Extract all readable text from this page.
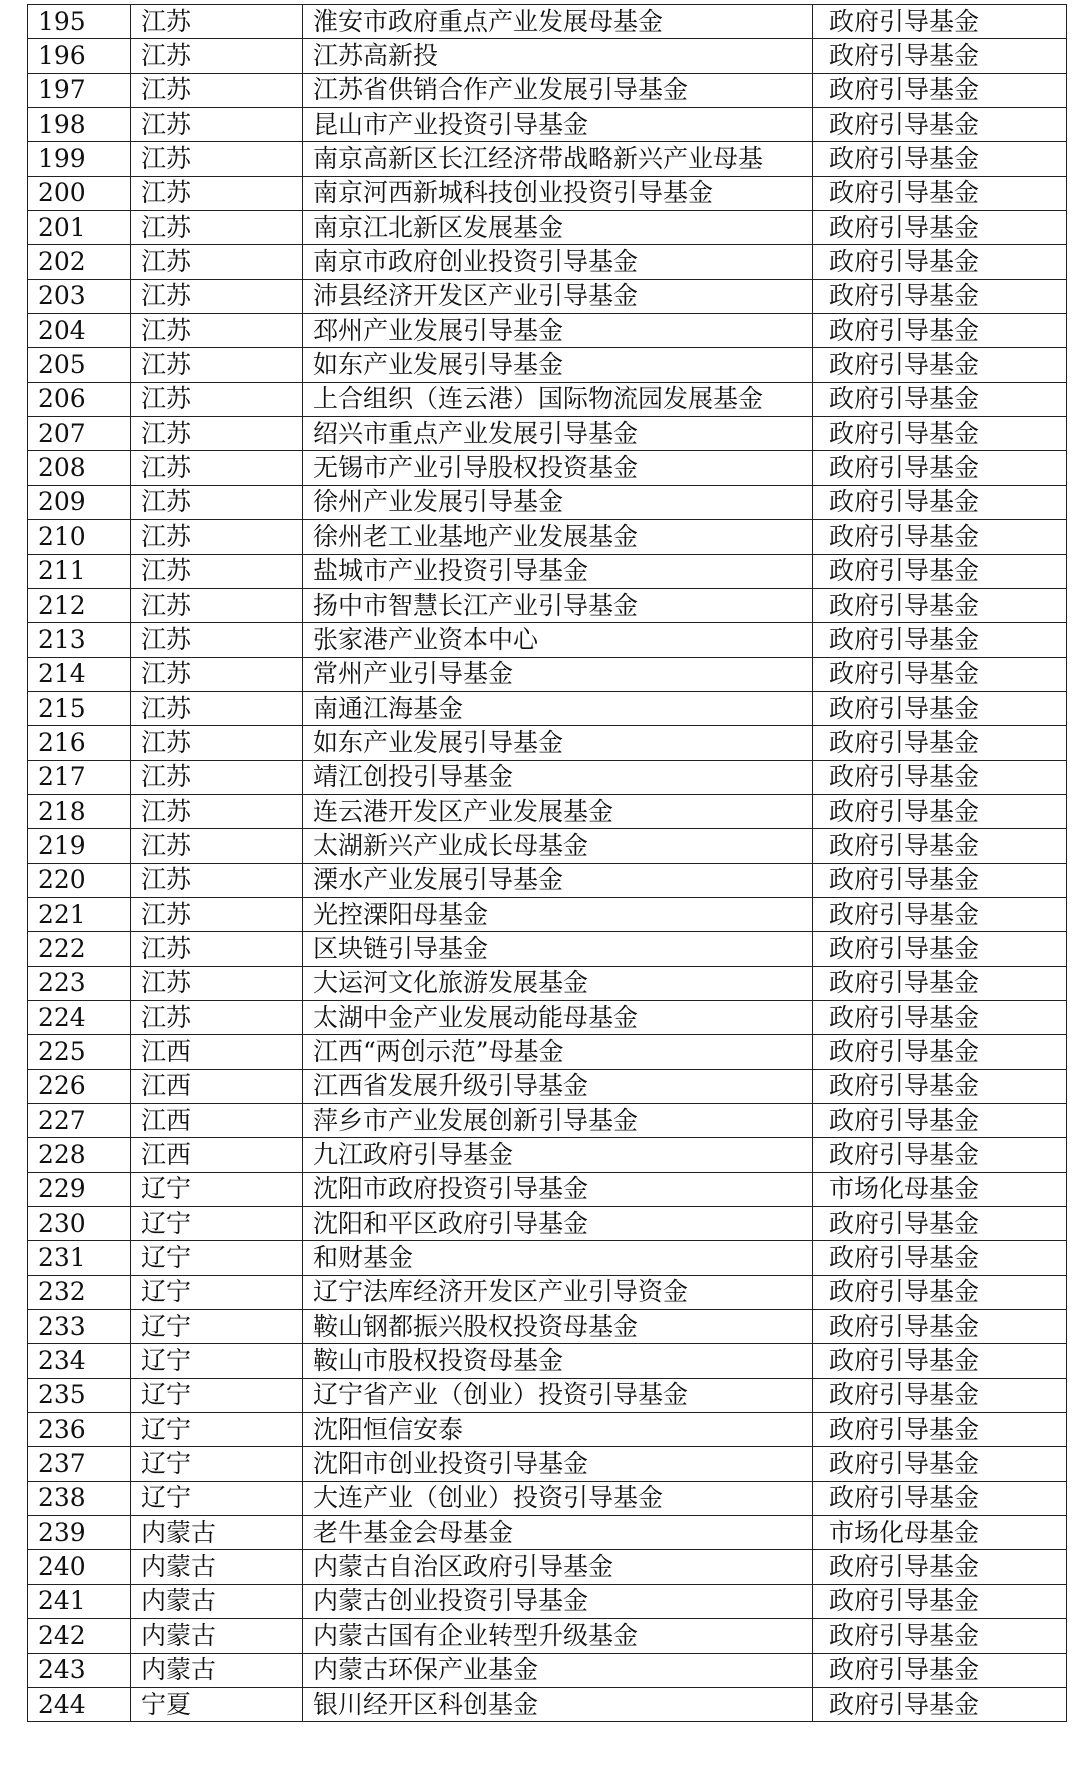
195	江苏	淮安市政府重点产业发展母基金	政府引导基金
196	江苏	江苏高新投	政府引导基金
197	江苏	江苏省供销合作产业发展引导基金	政府引导基金
198	江苏	昆山市产业投资引导基金	政府引导基金
199	江苏	南京高新区长江经济带战略新兴产业母基	政府引导基金
200	江苏	南京河西新城科技创业投资引导基金	政府引导基金
201	江苏	南京江北新区发展基金	政府引导基金
202	江苏	南京市政府创业投资引导基金	政府引导基金
203	江苏	沛县经济开发区产业引导基金	政府引导基金
204	江苏	邳州产业发展引导基金	政府引导基金
205	江苏	如东产业发展引导基金	政府引导基金
206	江苏	上合组织（连云港）国际物流园发展基金	政府引导基金
207	江苏	绍兴市重点产业发展引导基金	政府引导基金
208	江苏	无锡市产业引导股权投资基金	政府引导基金
209	江苏	徐州产业发展引导基金	政府引导基金
210	江苏	徐州老工业基地产业发展基金	政府引导基金
211	江苏	盐城市产业投资引导基金	政府引导基金
212	江苏	扬中市智慧长江产业引导基金	政府引导基金
213	江苏	张家港产业资本中心	政府引导基金
214	江苏	常州产业引导基金	政府引导基金
215	江苏	南通江海基金	政府引导基金
216	江苏	如东产业发展引导基金	政府引导基金
217	江苏	靖江创投引导基金	政府引导基金
218	江苏	连云港开发区产业发展基金	政府引导基金
219	江苏	太湖新兴产业成长母基金	政府引导基金
220	江苏	溧水产业发展引导基金	政府引导基金
221	江苏	光控溧阳母基金	政府引导基金
222	江苏	区块链引导基金	政府引导基金
223	江苏	大运河文化旅游发展基金	政府引导基金
224	江苏	太湖中金产业发展动能母基金	政府引导基金
225	江西	江西“两创示范”母基金	政府引导基金
226	江西	江西省发展升级引导基金	政府引导基金
227	江西	萍乡市产业发展创新引导基金	政府引导基金
228	江西	九江政府引导基金	政府引导基金
229	辽宁	沈阳市政府投资引导基金	市场化母基金
230	辽宁	沈阳和平区政府引导基金	政府引导基金
231	辽宁	和财基金	政府引导基金
232	辽宁	辽宁法库经济开发区产业引导资金	政府引导基金
233	辽宁	鞍山钢都振兴股权投资母基金	政府引导基金
234	辽宁	鞍山市股权投资母基金	政府引导基金
235	辽宁	辽宁省产业（创业）投资引导基金	政府引导基金
236	辽宁	沈阳恒信安泰	政府引导基金
237	辽宁	沈阳市创业投资引导基金	政府引导基金
238	辽宁	大连产业（创业）投资引导基金	政府引导基金
239	内蒙古	老牛基金会母基金	市场化母基金
240	内蒙古	内蒙古自治区政府引导基金	政府引导基金
241	内蒙古	内蒙古创业投资引导基金	政府引导基金
242	内蒙古	内蒙古国有企业转型升级基金	政府引导基金
243	内蒙古	内蒙古环保产业基金	政府引导基金
244	宁夏	银川经开区科创基金	政府引导基金
